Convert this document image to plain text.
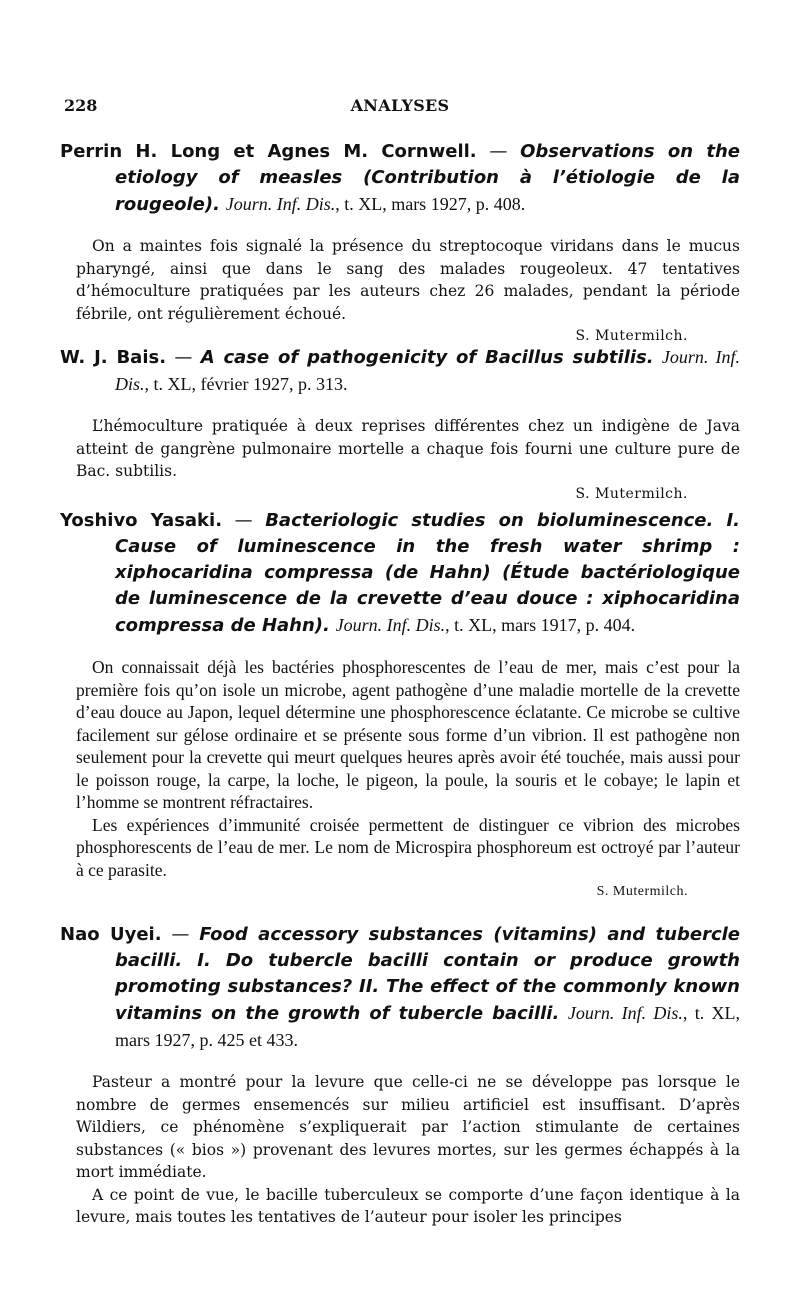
228	ANALYSES

Perrin H. Long et Agnes M. Cornwell. — Observations on the etiology of measles (Contribution à l’étiologie de la rougeole). Journ. Inf. Dis., t. XL, mars 1927, p. 408.

On a maintes fois signalé la présence du streptocoque viridans dans le mucus pharyngé, ainsi que dans le sang des malades rougeoleux. 47 tentatives d’hémoculture pratiquées par les auteurs chez 26 malades, pendant la période fébrile, ont régulièrement échoué.

S. Mutermilch.

W. J. Bais. — A case of pathogenicity of Bacillus subtilis. Journ. Inf. Dis., t. XL, février 1927, p. 313.

L’hémoculture pratiquée à deux reprises différentes chez un indigène de Java atteint de gangrène pulmonaire mortelle a chaque fois fourni une culture pure de Bac. subtilis.

S. Mutermilch.

Yoshivo Yasaki. — Bacteriologic studies on bioluminescence. I. Cause of luminescence in the fresh water shrimp : xiphocaridina compressa (de Hahn) (Étude bactériologique de luminescence de la crevette d’eau douce : xiphocaridina compressa de Hahn). Journ. Inf. Dis., t. XL, mars 1917, p. 404.

On connaissait déjà les bactéries phosphorescentes de l’eau de mer, mais c’est pour la première fois qu’on isole un microbe, agent pathogène d’une maladie mortelle de la crevette d’eau douce au Japon, lequel détermine une phosphorescence éclatante. Ce microbe se cultive facilement sur gélose ordinaire et se présente sous forme d’un vibrion. Il est pathogène non seulement pour la crevette qui meurt quelques heures après avoir été touchée, mais aussi pour le poisson rouge, la carpe, la loche, le pigeon, la poule, la souris et le cobaye; le lapin et l’homme se montrent réfractaires.

Les expériences d’immunité croisée permettent de distinguer ce vibrion des microbes phosphorescents de l’eau de mer. Le nom de Microspira phosphoreum est octroyé par l’auteur à ce parasite.

S. Mutermilch.

Nao Uyei. — Food accessory substances (vitamins) and tubercle bacilli. I. Do tubercle bacilli contain or produce growth promoting substances? II. The effect of the commonly known vitamins on the growth of tubercle bacilli. Journ. Inf. Dis., t. XL, mars 1927, p. 425 et 433.

Pasteur a montré pour la levure que celle-ci ne se développe pas lorsque le nombre de germes ensemencés sur milieu artificiel est insuffisant. D’après Wildiers, ce phénomène s’expliquerait par l’action stimulante de certaines substances (« bios ») provenant des levures mortes, sur les germes échappés à la mort immédiate.

A ce point de vue, le bacille tuberculeux se comporte d’une façon identique à la levure, mais toutes les tentatives de l’auteur pour isoler les principes
